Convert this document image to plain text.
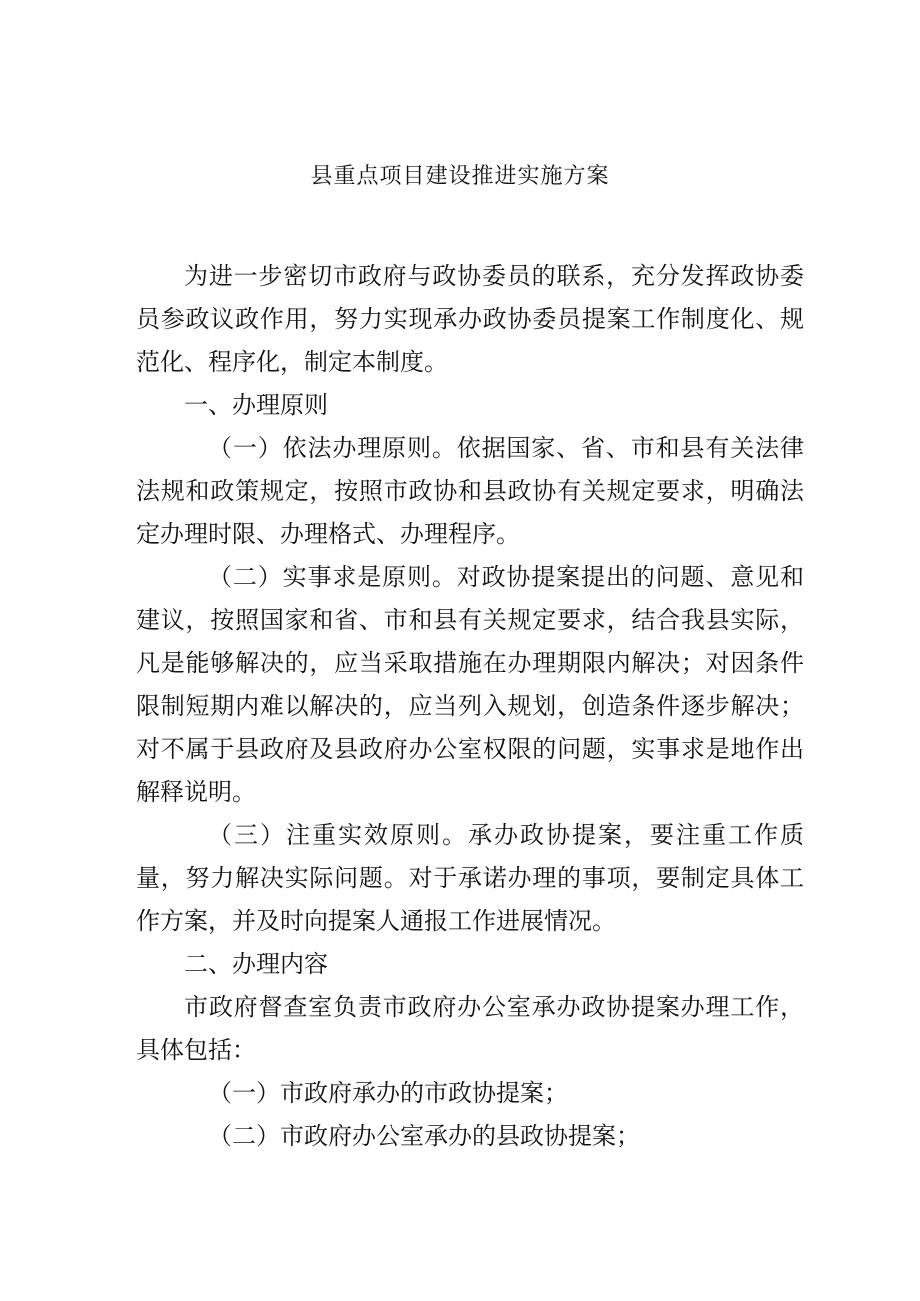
县重点项目建设推进实施方案

为进一步密切市政府与政协委员的联系，充分发挥政协委员参政议政作用，努力实现承办政协委员提案工作制度化、规范化、程序化，制定本制度。

一、办理原则

（一）依法办理原则。依据国家、省、市和县有关法律法规和政策规定，按照市政协和县政协有关规定要求，明确法定办理时限、办理格式、办理程序。

（二）实事求是原则。对政协提案提出的问题、意见和建议，按照国家和省、市和县有关规定要求，结合我县实际，凡是能够解决的，应当采取措施在办理期限内解决；对因条件限制短期内难以解决的，应当列入规划，创造条件逐步解决；对不属于县政府及县政府办公室权限的问题，实事求是地作出解释说明。

（三）注重实效原则。承办政协提案，要注重工作质量，努力解决实际问题。对于承诺办理的事项，要制定具体工作方案，并及时向提案人通报工作进展情况。

二、办理内容

市政府督查室负责市政府办公室承办政协提案办理工作，具体包括：

（一）市政府承办的市政协提案；

（二）市政府办公室承办的县政协提案；
